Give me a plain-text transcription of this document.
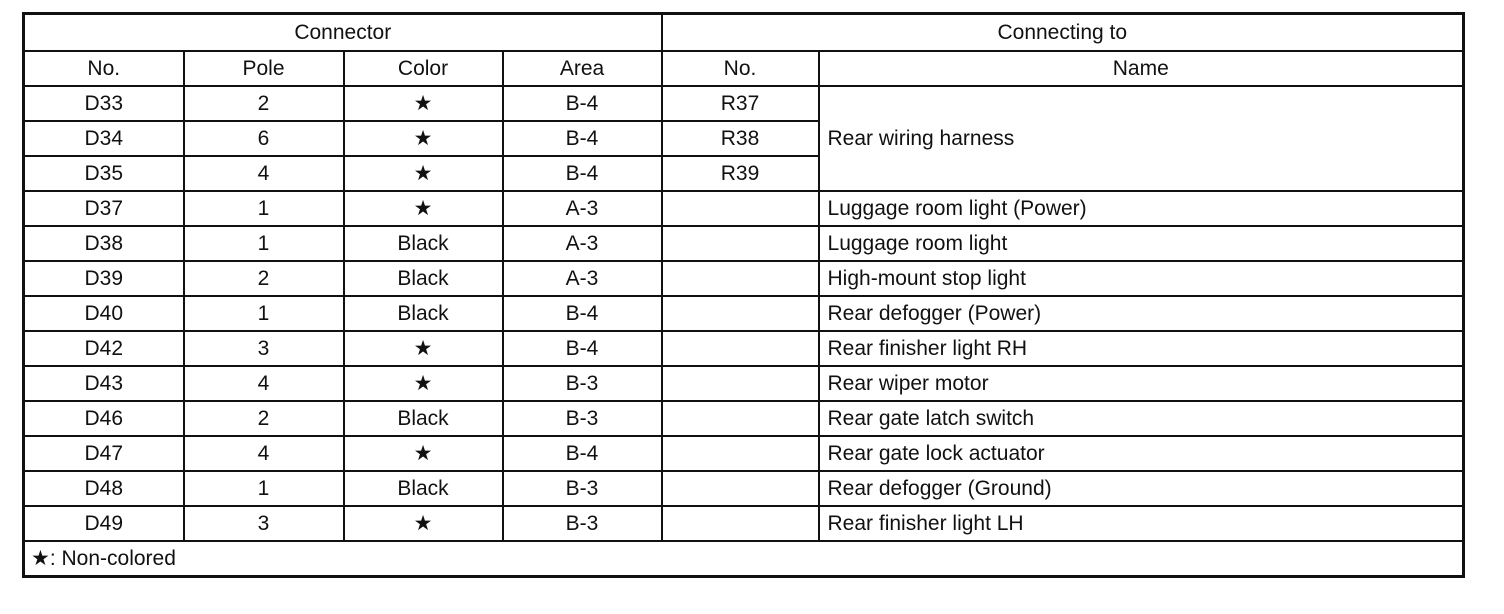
Connector				Connecting to	
No.	Pole	Color	Area	No.	Name
D33	2	★	B-4	R37	Rear wiring harness
D34	6	★	B-4	R38	
D35	4	★	B-4	R39	
D37	1	★	A-3		Luggage room light (Power)
D38	1	Black	A-3		Luggage room light
D39	2	Black	A-3		High-mount stop light
D40	1	Black	B-4		Rear defogger (Power)
D42	3	★	B-4		Rear finisher light RH
D43	4	★	B-3		Rear wiper motor
D46	2	Black	B-3		Rear gate latch switch
D47	4	★	B-4		Rear gate lock actuator
D48	1	Black	B-3		Rear defogger (Ground)
D49	3	★	B-3		Rear finisher light LH
★: Non-colored					
